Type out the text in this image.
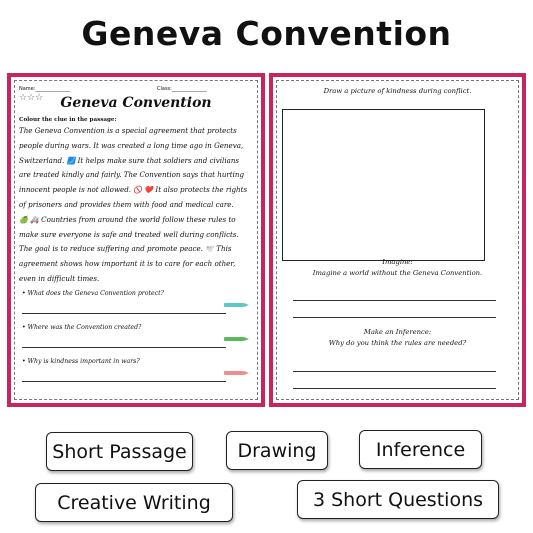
Geneva Convention
Name:______________	Class:______________
☆☆☆	Geneva Convention
Colour the clue in the passage:
The Geneva Convention is a special agreement that protects
people during wars. It was created a long time ago in Geneva,
Switzerland. 🗾 It helps make sure that soldiers and civilians
are treated kindly and fairly. The Convention says that hurting
innocent people is not allowed. 🚫 ❤️ It also protects the rights
of prisoners and provides them with food and medical care.
🍏 🚑 Countries from around the world follow these rules to
make sure everyone is safe and treated well during conflicts.
The goal is to reduce suffering and promote peace. 🕊️ This
agreement shows how important it is to care for each other,
even in difficult times.
• What does the Geneva Convention protect?
• Where was the Convention created?
• Why is kindness important in wars?
Draw a picture of kindness during conflict.
Imagine:
Imagine a world without the Geneva Convention.
Make an Inference:
Why do you think the rules are needed?
Short Passage	Drawing	Inference
Creative Writing	3 Short Questions
